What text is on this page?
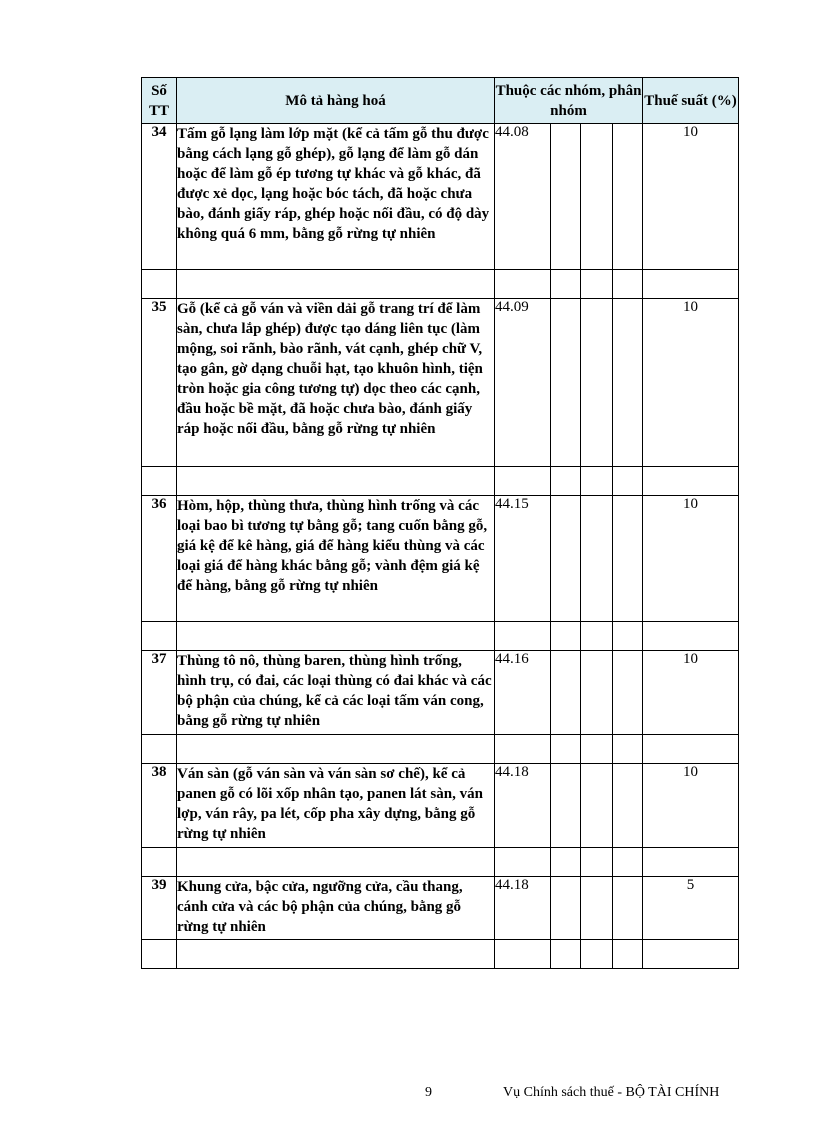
Số TT	Mô tả hàng hoá	Thuộc các nhóm, phân nhóm				Thuế suất (%)
34	Tấm gỗ lạng làm lớp mặt (kể cả tấm gỗ thu được bằng cách lạng gỗ ghép), gỗ lạng để làm gỗ dán hoặc để làm gỗ ép tương tự khác và gỗ khác, đã được xẻ dọc, lạng hoặc bóc tách, đã hoặc chưa bào, đánh giấy ráp, ghép hoặc nối đầu, có độ dày không quá 6 mm, bằng gỗ rừng tự nhiên	44.08				10

35	Gỗ (kể cả gỗ ván và viền dải gỗ trang trí để làm sàn, chưa lắp ghép) được tạo dáng liên tục (làm mộng, soi rãnh, bào rãnh, vát cạnh, ghép chữ V, tạo gân, gờ dạng chuỗi hạt, tạo khuôn hình, tiện tròn hoặc gia công tương tự) dọc theo các cạnh, đầu hoặc bề mặt, đã hoặc chưa bào, đánh giấy ráp hoặc nối đầu, bằng gỗ rừng tự nhiên	44.09				10

36	Hòm, hộp, thùng thưa, thùng hình trống và các loại bao bì tương tự bằng gỗ; tang cuốn bằng gỗ, giá kệ để kê hàng, giá để hàng kiểu thùng và các loại giá để hàng khác bằng gỗ; vành đệm giá kệ để hàng, bằng gỗ rừng tự nhiên	44.15				10

37	Thùng tô nô, thùng baren, thùng hình trống, hình trụ, có đai, các loại thùng có đai khác và các bộ phận của chúng, kể cả các loại tấm ván cong, bằng gỗ rừng tự nhiên	44.16				10

38	Ván sàn (gỗ ván sàn và ván sàn sơ chế), kể cả panen gỗ có lõi xốp nhân tạo, panen lát sàn, ván lợp, ván rây, pa lét, cốp pha xây dựng, bằng gỗ rừng tự nhiên	44.18				10

39	Khung cửa, bậc cửa, ngưỡng cửa, cầu thang, cánh cửa và các bộ phận của chúng, bằng gỗ rừng tự nhiên	44.18				5

9	Vụ Chính sách thuế - BỘ TÀI CHÍNH
